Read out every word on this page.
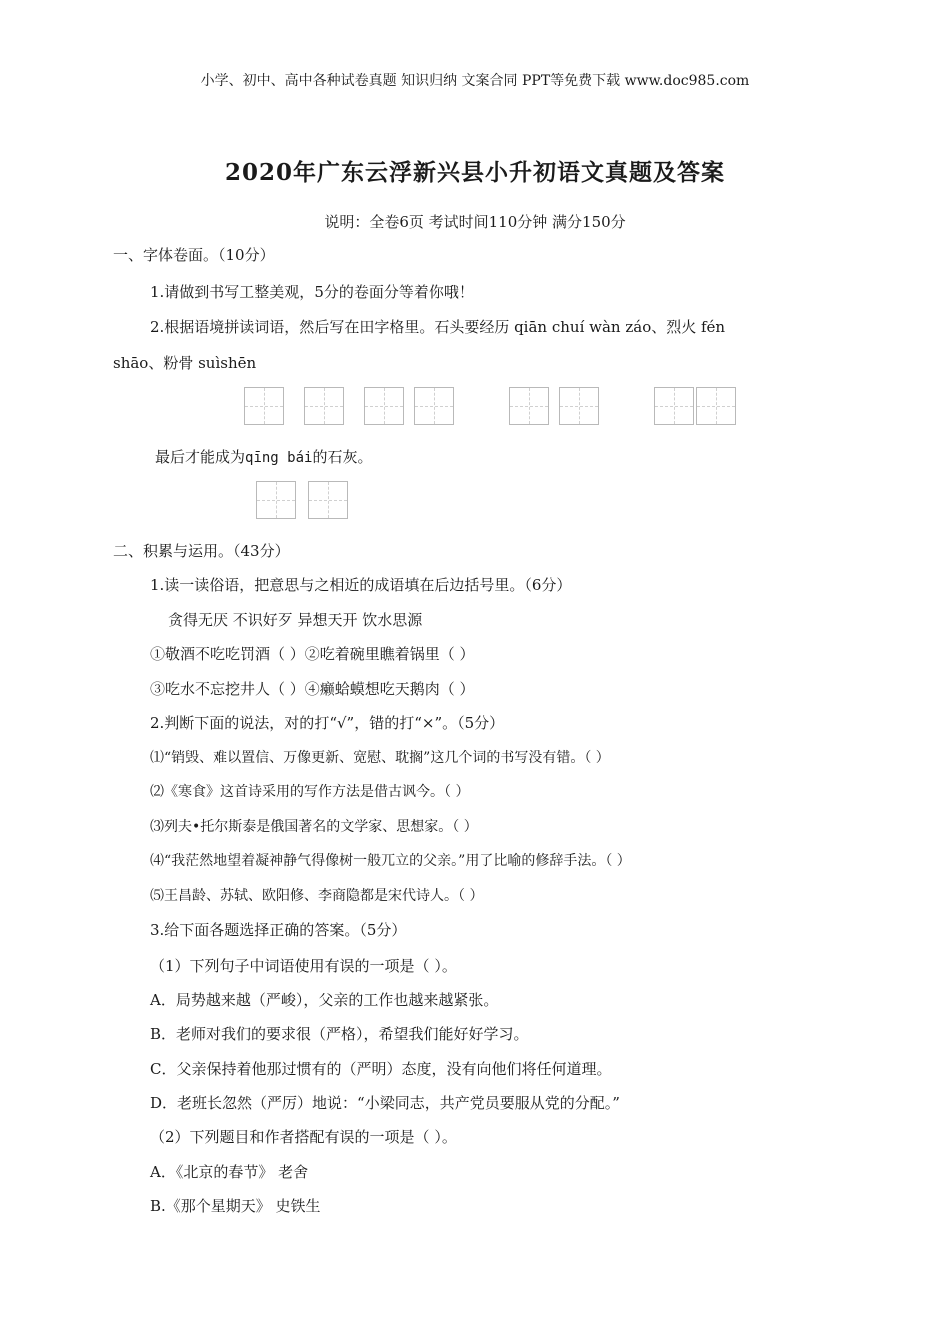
小学、初中、高中各种试卷真题 知识归纳 文案合同 PPT等免费下载 www.doc985.com
2020年广东云浮新兴县小升初语文真题及答案
说明：全卷6页 考试时间110分钟 满分150分
一、字体卷面。（10分）
1.请做到书写工整美观，5分的卷面分等着你哦！
2.根据语境拼读词语，然后写在田字格里。石头要经历 qiān chuí wàn záo、烈火 fén
shāo、粉骨 suìshēn
最后才能成为qīng bái的石灰。
二、积累与运用。（43分）
1.读一读俗语，把意思与之相近的成语填在后边括号里。（6分）
贪得无厌 不识好歹 异想天开 饮水思源
①敬酒不吃吃罚酒（ ）②吃着碗里瞧着锅里（ ）
③吃水不忘挖井人（ ）④癞蛤蟆想吃天鹅肉（ ）
2.判断下面的说法，对的打“√”，错的打“×”。（5分）
⑴“销毁、难以置信、万像更新、宽慰、耽搁”这几个词的书写没有错。（ ）
⑵《寒食》这首诗采用的写作方法是借古讽今。（ ）
⑶列夫•托尔斯泰是俄国著名的文学家、思想家。（ ）
⑷“我茫然地望着凝神静气得像树一般兀立的父亲。”用了比喻的修辞手法。（ ）
⑸王昌龄、苏轼、欧阳修、李商隐都是宋代诗人。（ ）
3.给下面各题选择正确的答案。（5分）
（1）下列句子中词语使用有误的一项是（ ）。
A．局势越来越（严峻），父亲的工作也越来越紧张。
B．老师对我们的要求很（严格），希望我们能好好学习。
C．父亲保持着他那过惯有的（严明）态度，没有向他们将任何道理。
D．老班长忽然（严厉）地说：“小梁同志，共产党员要服从党的分配。”
（2）下列题目和作者搭配有误的一项是（ ）。
A．《北京的春节》 老舍
B.《那个星期天》 史铁生
